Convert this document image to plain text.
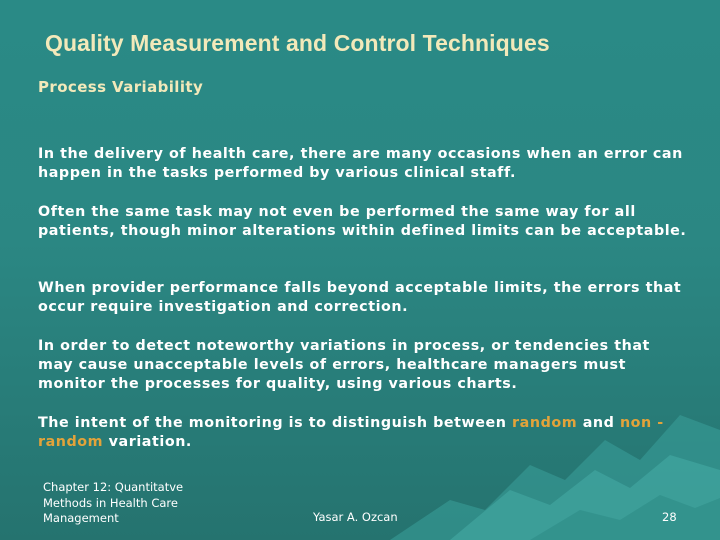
Quality Measurement and Control Techniques
Process Variability

In the delivery of health care, there are many occasions when an error can happen in the tasks performed by various clinical staff.

Often the same task may not even be performed the same way for all patients, though minor alterations within defined limits can be acceptable.

When provider performance falls beyond acceptable limits, the errors that occur require investigation and correction.

In order to detect noteworthy variations in process, or tendencies that may cause unacceptable levels of errors, healthcare managers must monitor the processes for quality, using various charts.

The intent of the monitoring is to distinguish between random and non -random variation.

Chapter 12: Quantitatve Methods in Health Care Management	Yasar A. Ozcan	28
